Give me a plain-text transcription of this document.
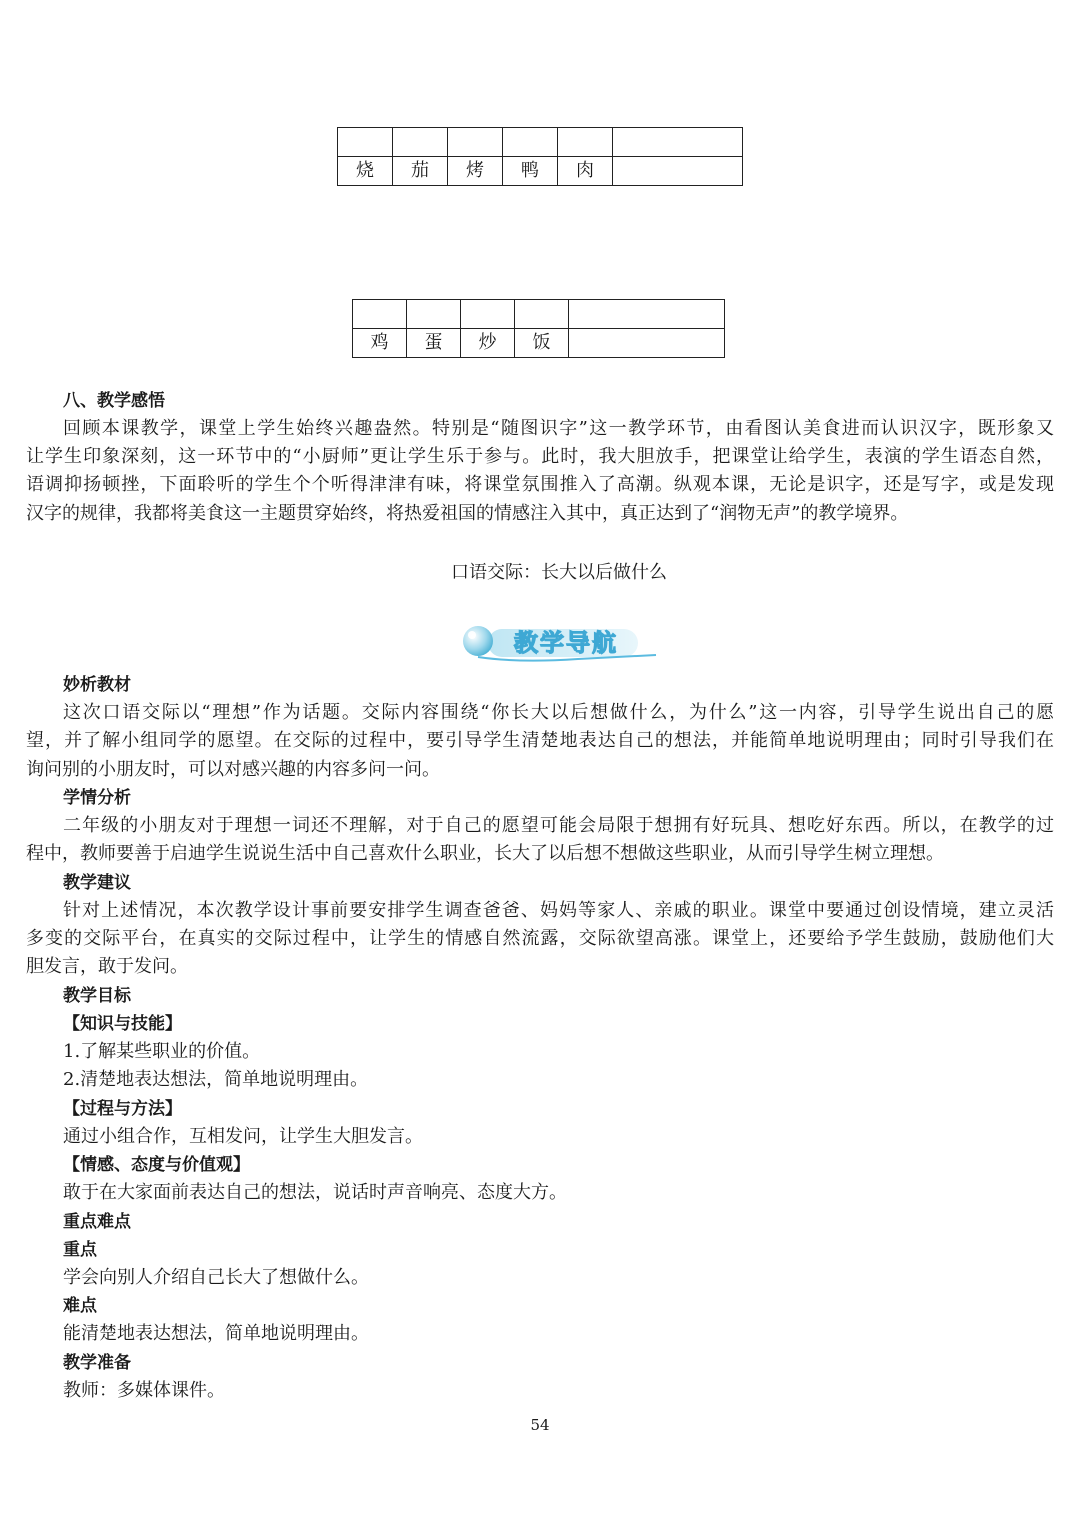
烧	茄	烤	鸭	肉	

鸡	蛋	炒	饭	
八、教学感悟
回顾本课教学，课堂上学生始终兴趣盎然。特别是“随图识字”这一教学环节，由看图认美食进而认识汉字，既形象又
让学生印象深刻，这一环节中的“小厨师”更让学生乐于参与。此时，我大胆放手，把课堂让给学生，表演的学生语态自然，
语调抑扬顿挫，下面聆听的学生个个听得津津有味，将课堂氛围推入了高潮。纵观本课，无论是识字，还是写字，或是发现
汉字的规律，我都将美食这一主题贯穿始终，将热爱祖国的情感注入其中，真正达到了“润物无声”的教学境界。
口语交际：长大以后做什么
教学导航
妙析教材
这次口语交际以“理想”作为话题。交际内容围绕“你长大以后想做什么，为什么”这一内容，引导学生说出自己的愿
望，并了解小组同学的愿望。在交际的过程中，要引导学生清楚地表达自己的想法，并能简单地说明理由；同时引导我们在
询问别的小朋友时，可以对感兴趣的内容多问一问。
学情分析
二年级的小朋友对于理想一词还不理解，对于自己的愿望可能会局限于想拥有好玩具、想吃好东西。所以，在教学的过
程中，教师要善于启迪学生说说生活中自己喜欢什么职业，长大了以后想不想做这些职业，从而引导学生树立理想。
教学建议
针对上述情况，本次教学设计事前要安排学生调查爸爸、妈妈等家人、亲戚的职业。课堂中要通过创设情境，建立灵活
多变的交际平台，在真实的交际过程中，让学生的情感自然流露，交际欲望高涨。课堂上，还要给予学生鼓励，鼓励他们大
胆发言，敢于发问。
教学目标
【知识与技能】
1.了解某些职业的价值。
2.清楚地表达想法，简单地说明理由。
【过程与方法】
通过小组合作，互相发问，让学生大胆发言。
【情感、态度与价值观】
敢于在大家面前表达自己的想法，说话时声音响亮、态度大方。
重点难点
重点
学会向别人介绍自己长大了想做什么。
难点
能清楚地表达想法，简单地说明理由。
教学准备
教师：多媒体课件。
54
